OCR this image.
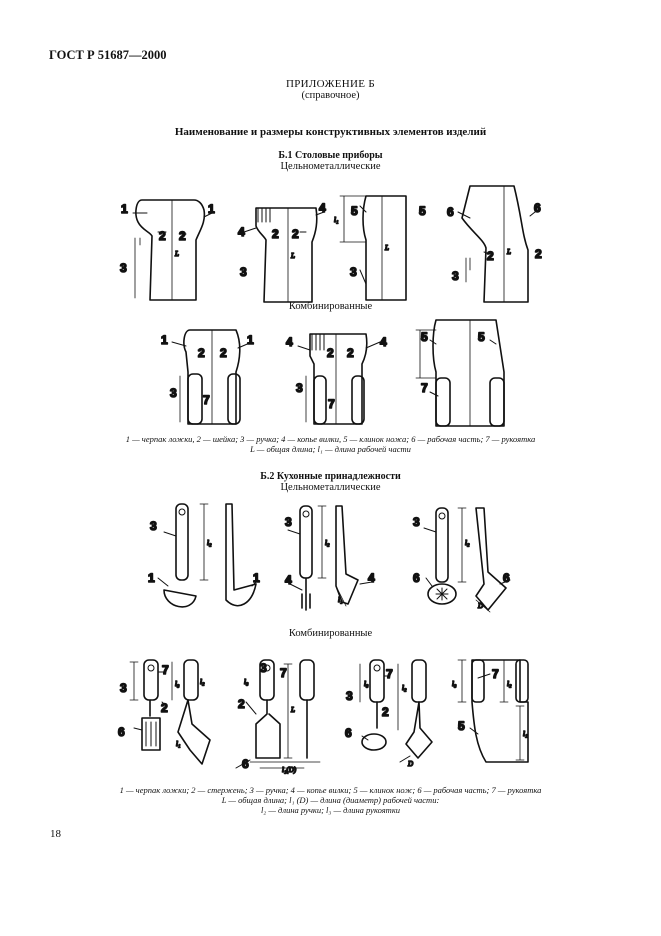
ГОСТ Р 51687—2000
ПРИЛОЖЕНИЕ Б
(справочное)
Наименование и размеры конструктивных элементов изделий
Б.1 Столовые приборы
Цельнометаллические
Комбинированные
1 — черпак ложки, 2 — шейка; 3 — ручка; 4 — копье вилки, 5 — клинок ножа; 6 — рабочая часть; 7 — рукоятка
L — общая длина; l₁ — длина рабочей части
Б.2 Кухонные принадлежности
Цельнометаллические
Комбинированные
1 — черпак ложки; 2 — стержень; 3 — ручка; 4 — копье вилки; 5 — клинок нож; 6 — рабочая часть; 7 — рукоятка
L — общая длина; l₁ (D) — длина (диаметр) рабочей части:
l₂ — длина ручки; l₃ — длина рукоятки
18
1
2 2
1
3
L
4 2 2
4
3
L
5	5
3
l₁
L
6	6
2	2
3
L
1
2 2
1
3 7
4
2 2
4
3
7
5	5
7
3
1	1
l₂
3
4	4
l₂
l₁
3
6	6
l₂
D
3
7
2
6
l₃	l₂
l₁
3 7
2
6
l₃
L
l₁(D)
3
7
2
6
l₃	l₂
D
7
5
l₃	l₂
l₁
